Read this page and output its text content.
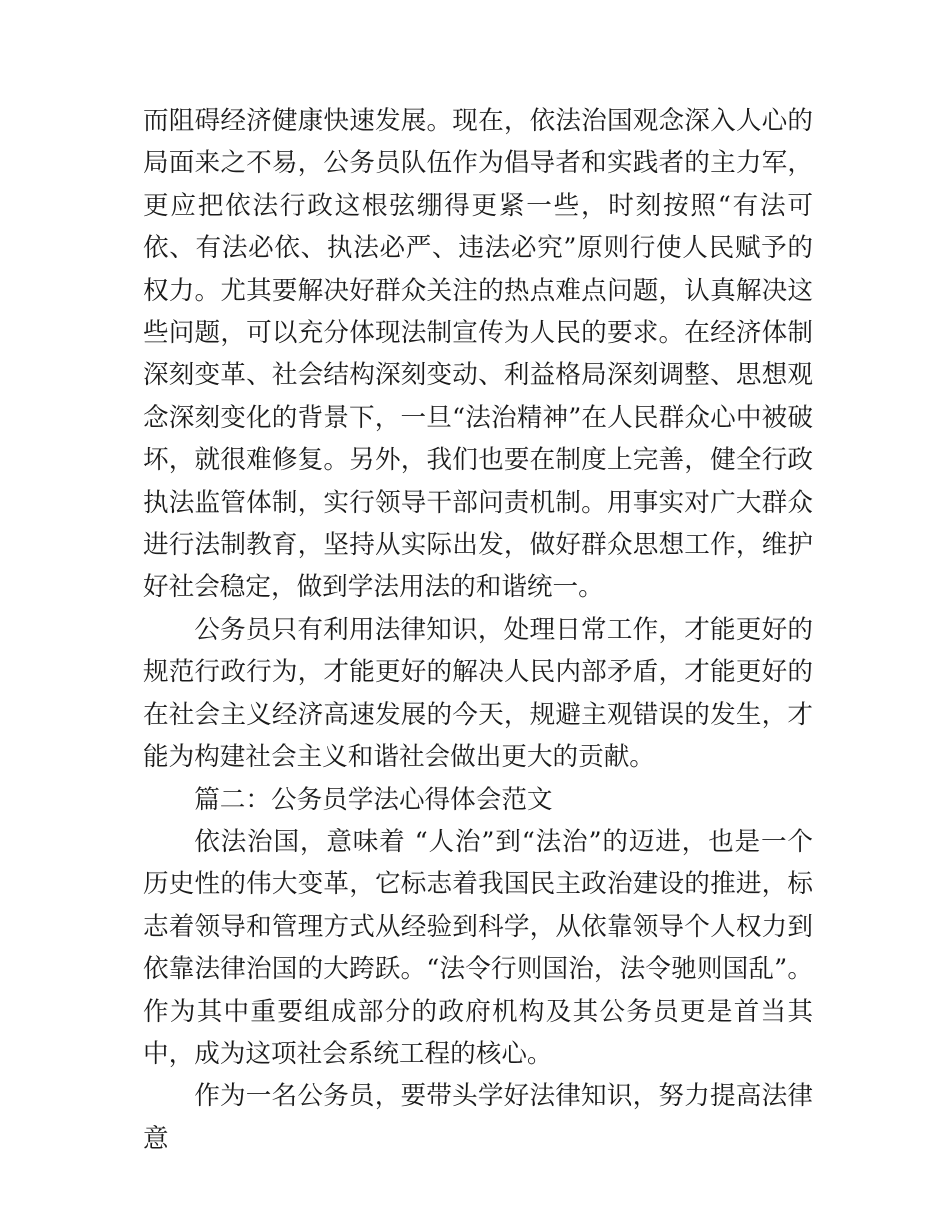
而阻碍经济健康快速发展。现在，依法治国观念深入人心的局面来之不易，公务员队伍作为倡导者和实践者的主力军，更应把依法行政这根弦绷得更紧一些，时刻按照“有法可依、有法必依、执法必严、违法必究”原则行使人民赋予的权力。尤其要解决好群众关注的热点难点问题，认真解决这些问题，可以充分体现法制宣传为人民的要求。在经济体制深刻变革、社会结构深刻变动、利益格局深刻调整、思想观念深刻变化的背景下，一旦“法治精神”在人民群众心中被破坏，就很难修复。另外，我们也要在制度上完善，健全行政执法监管体制，实行领导干部问责机制。用事实对广大群众进行法制教育，坚持从实际出发，做好群众思想工作，维护好社会稳定，做到学法用法的和谐统一。

公务员只有利用法律知识，处理日常工作，才能更好的规范行政行为，才能更好的解决人民内部矛盾，才能更好的在社会主义经济高速发展的今天，规避主观错误的发生，才能为构建社会主义和谐社会做出更大的贡献。

篇二：公务员学法心得体会范文

依法治国，意味着 “人治”到“法治”的迈进，也是一个历史性的伟大变革，它标志着我国民主政治建设的推进，标志着领导和管理方式从经验到科学，从依靠领导个人权力到依靠法律治国的大跨跃。“法令行则国治，法令驰则国乱”。作为其中重要组成部分的政府机构及其公务员更是首当其中，成为这项社会系统工程的核心。

作为一名公务员，要带头学好法律知识，努力提高法律意
